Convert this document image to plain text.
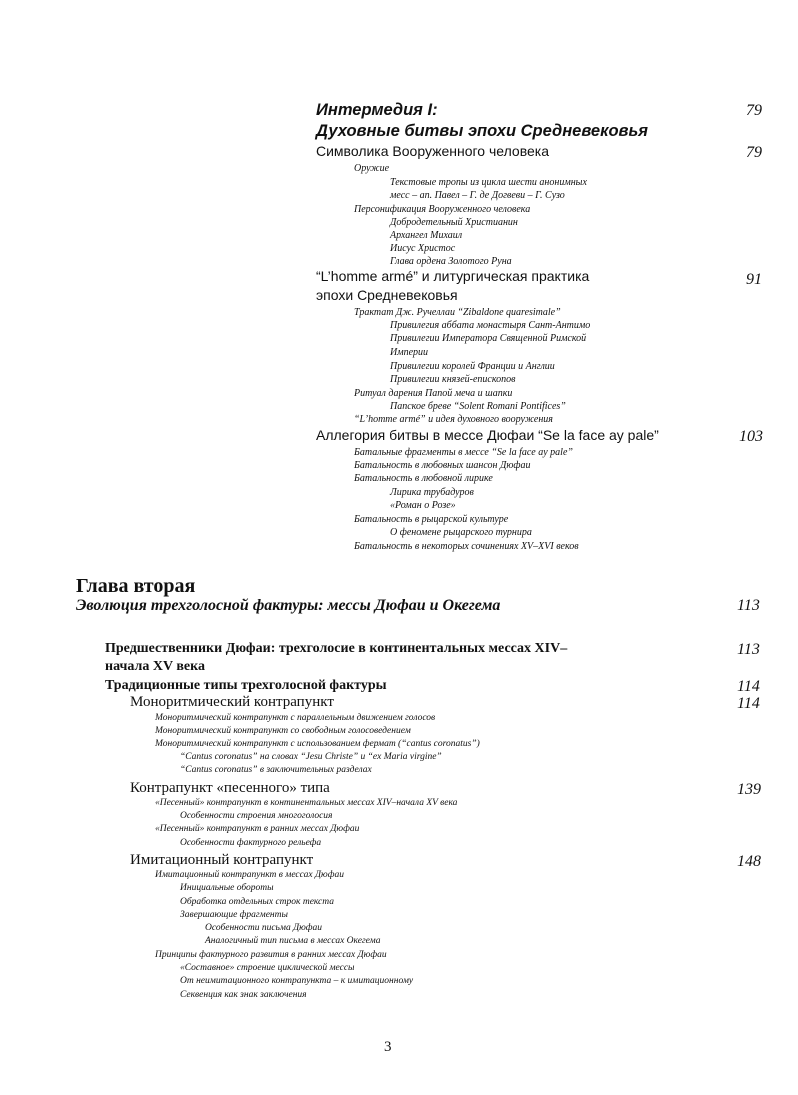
Интермедия I:	79
Духовные битвы эпохи Средневековья
Символика Вооруженного человека	79
Оружие
Текстовые тропы из цикла шести анонимных
месс – ап. Павел – Г. де Догвеви – Г. Сузо
Персонификация Вооруженного человека
Добродетельный Христианин
Архангел Михаил
Иисус Христос
Глава ордена Золотого Руна
“L’homme armé” и литургическая практика	91
эпохи Средневековья
Трактат Дж. Ручеллаи “Zibaldone quaresimale”
Привилегия аббата монастыря Сант-Антимо
Привилегии Императора Священной Римской
Империи
Привилегии королей Франции и Англии
Привилегии князей-епископов
Ритуал дарения Папой меча и шапки
Папское бреве “Solent Romani Pontifices”
“L’homme armé” и идея духовного вооружения
Аллегория битвы в мессе Дюфаи “Se la face ay pale”	103
Батальные фрагменты в мессе “Se la face ay pale”
Батальность в любовных шансон Дюфаи
Батальность в любовной лирике
Лирика трубадуров
«Роман о Розе»
Батальность в рыцарской культуре
О феномене рыцарского турнира
Батальность в некоторых сочинениях XV–XVI веков
Глава вторая
Эволюция трехголосной фактуры: мессы Дюфаи и Окегема	113
Предшественники Дюфаи: трехголосие в континентальных мессах XIV–	113
начала XV века
Традиционные типы трехголосной фактуры	114
Моноритмический контрапункт	114
Моноритмический контрапункт с параллельным движением голосов
Моноритмический контрапункт со свободным голосоведением
Моноритмический контрапункт с использованием фермат (“cantus coronatus”)
“Cantus coronatus” на словах “Jesu Christe” и “ex Maria virgine”
“Cantus coronatus” в заключительных разделах
Контрапункт «песенного» типа	139
«Песенный» контрапункт в континентальных мессах XIV–начала XV века
Особенности строения многоголосия
«Песенный» контрапункт в ранних мессах Дюфаи
Особенности фактурного рельефа
Имитационный контрапункт	148
Имитационный контрапункт в мессах Дюфаи
Инициальные обороты
Обработка отдельных строк текста
Завершающие фрагменты
Особенности письма Дюфаи
Аналогичный тип письма в мессах Окегема
Принципы фактурного развития в ранних мессах Дюфаи
«Составное» строение циклической мессы
От неимитационного контрапункта – к имитационному
Секвенция как знак заключения
3
